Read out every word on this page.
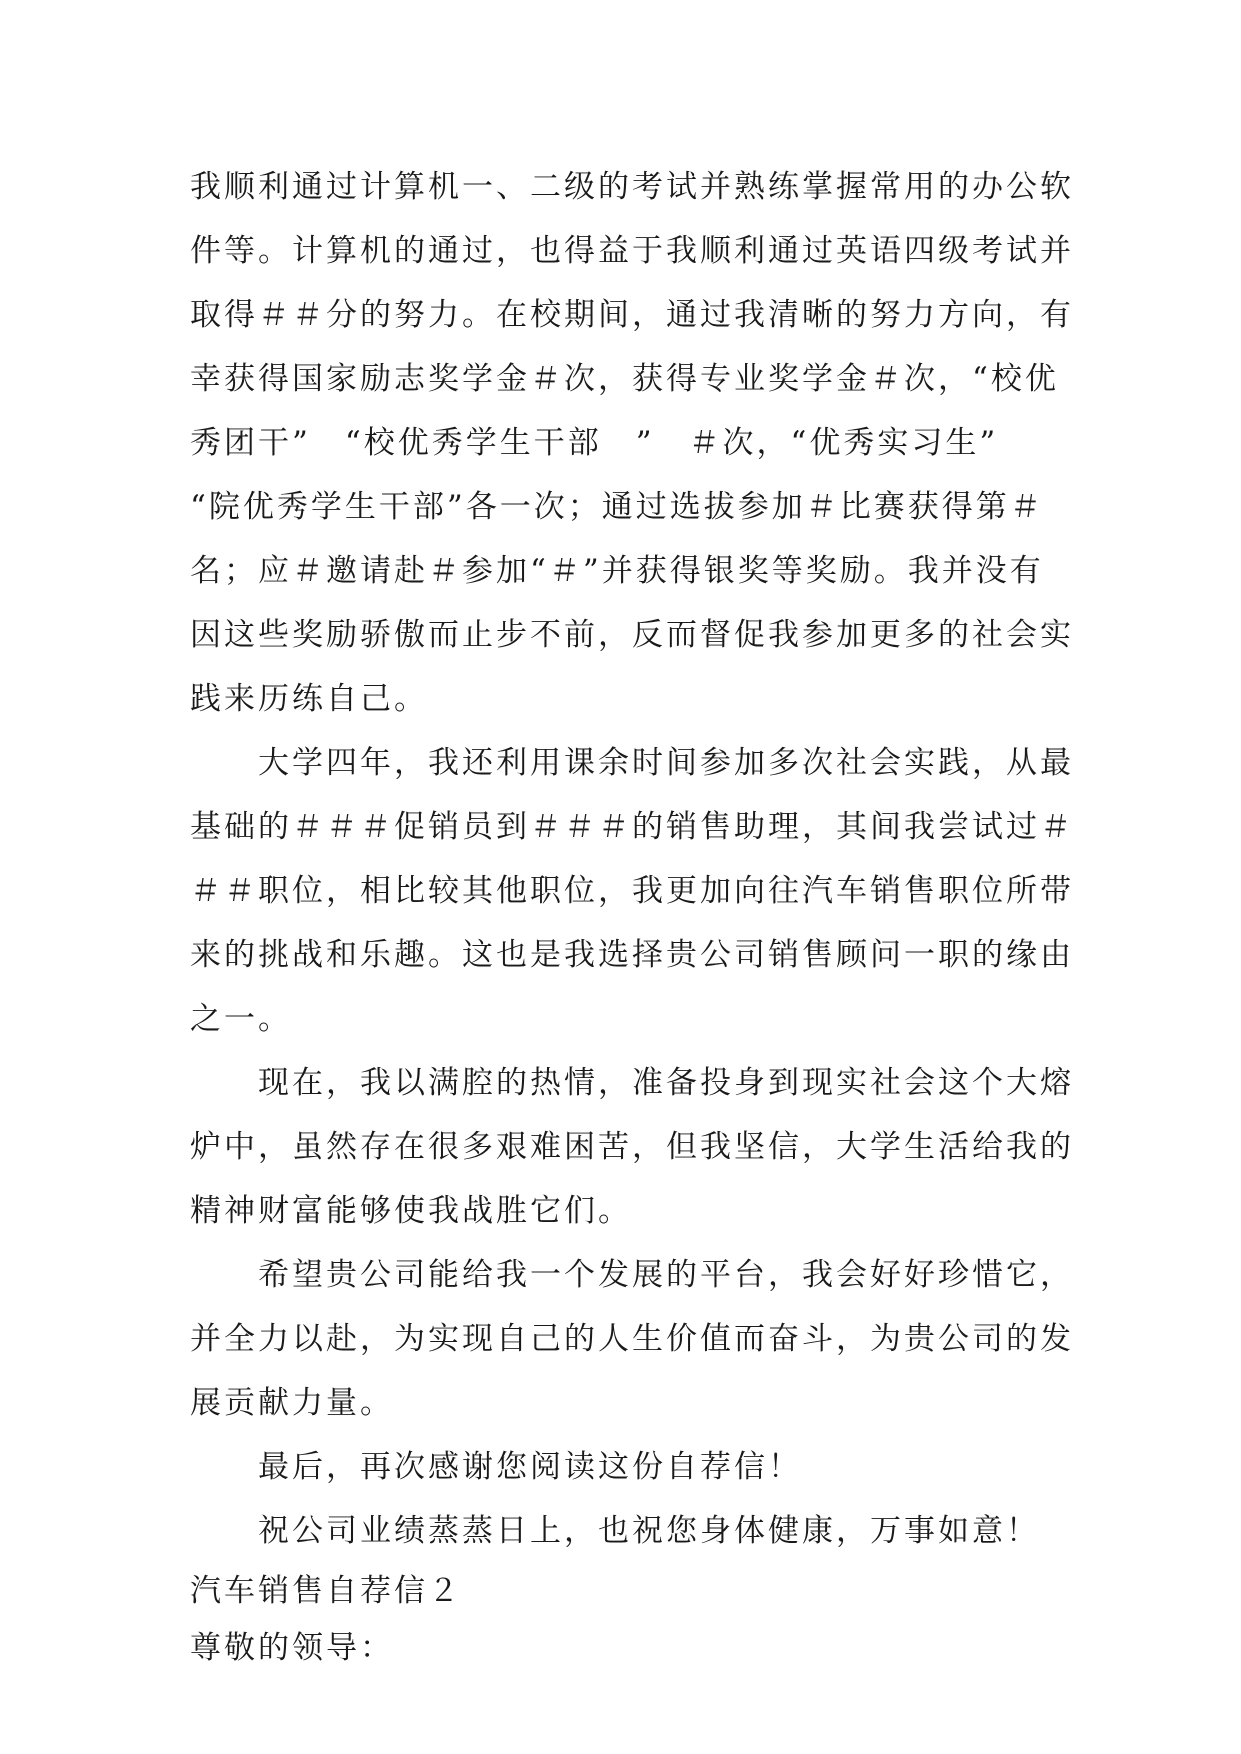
我顺利通过计算机一、二级的考试并熟练掌握常用的办公软
件等。计算机的通过，也得益于我顺利通过英语四级考试并
取得＃＃分的努力。在校期间，通过我清晰的努力方向，有
幸获得国家励志奖学金＃次，获得专业奖学金＃次，“校优
秀团干”　“校优秀学生干部　”　＃次，“优秀实习生”
“院优秀学生干部”各一次；通过选拔参加＃比赛获得第＃
名；应＃邀请赴＃参加“＃”并获得银奖等奖励。我并没有
因这些奖励骄傲而止步不前，反而督促我参加更多的社会实
践来历练自己。
大学四年，我还利用课余时间参加多次社会实践，从最
基础的＃＃＃促销员到＃＃＃的销售助理，其间我尝试过＃
＃＃职位，相比较其他职位，我更加向往汽车销售职位所带
来的挑战和乐趣。这也是我选择贵公司销售顾问一职的缘由
之一。
现在，我以满腔的热情，准备投身到现实社会这个大熔
炉中，虽然存在很多艰难困苦，但我坚信，大学生活给我的
精神财富能够使我战胜它们。
希望贵公司能给我一个发展的平台，我会好好珍惜它，
并全力以赴，为实现自己的人生价值而奋斗，为贵公司的发
展贡献力量。
最后，再次感谢您阅读这份自荐信！
祝公司业绩蒸蒸日上，也祝您身体健康，万事如意！
汽车销售自荐信２
尊敬的领导：
